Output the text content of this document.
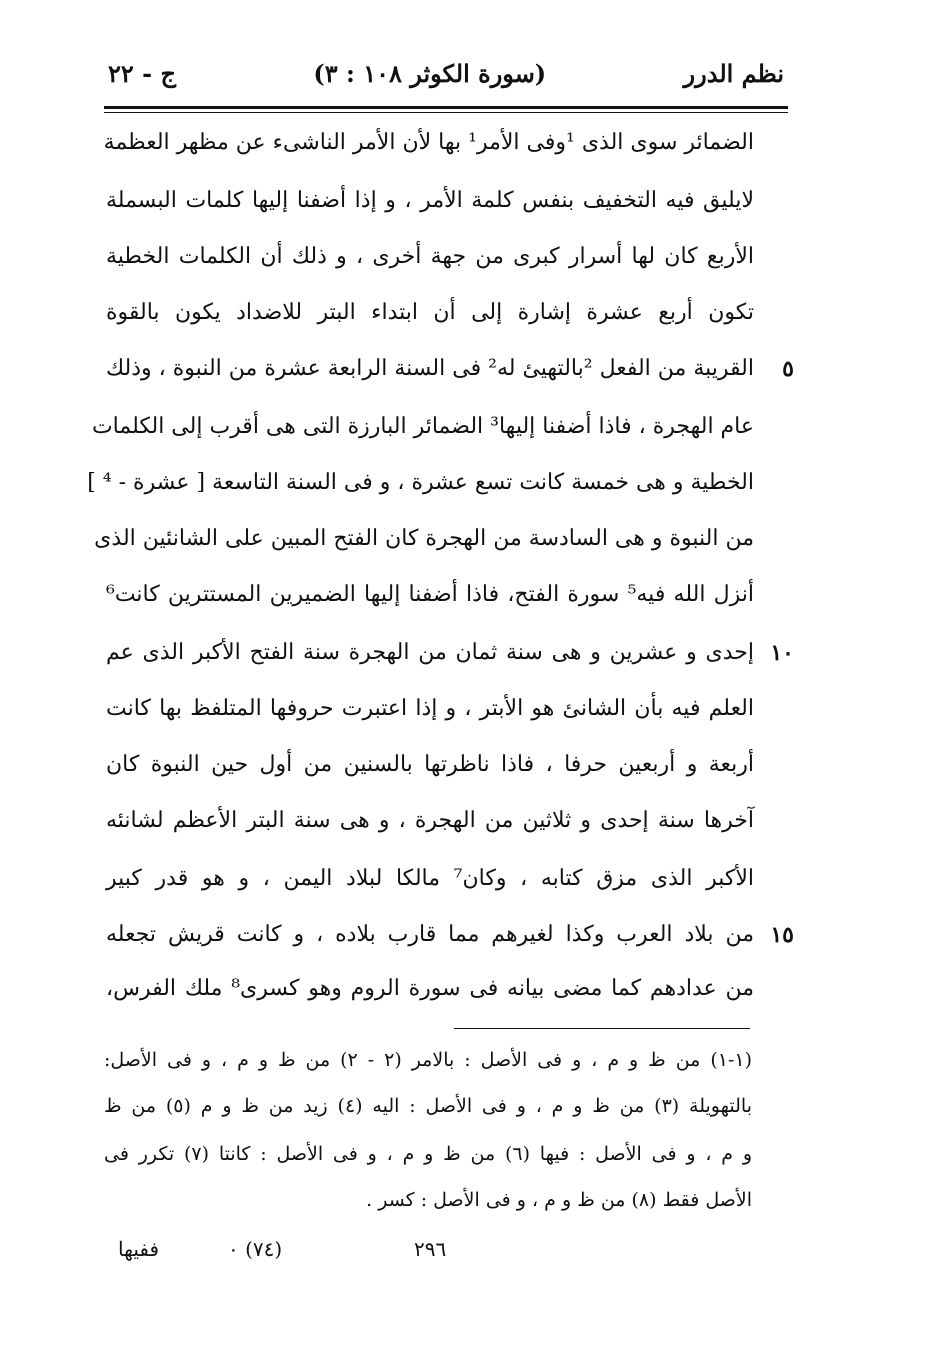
نظم الدرر
(سورة الكوثر ١٠٨ : ٣)
ج - ٢٢
الضمائر سوى الذى ¹وفى الأمر¹ بها لأن الأمر الناشىء عن مظهر العظمة
لايليق فيه التخفيف بنفس كلمة الأمر ، و إذا أضفنا إليها كلمات البسملة
الأربع كان لها أسرار كبرى من جهة أخرى ، و ذلك أن الكلمات الخطية
تكون أربع عشرة إشارة إلى أن ابتداء البتر للاضداد يكون بالقوة
٥
القريبة من الفعل ²بالتهيئ له² فى السنة الرابعة عشرة من النبوة ، وذلك
عام الهجرة ، فاذا أضفنا إليها³ الضمائر البارزة التى هى أقرب إلى الكلمات
الخطية و هى خمسة كانت تسع عشرة ، و فى السنة التاسعة [ عشرة - ⁴ ]
من النبوة و هى السادسة من الهجرة كان الفتح المبين على الشانئين الذى
أنزل الله فيه⁵ سورة الفتح، فاذا أضفنا إليها الضميرين المستترين كانت⁶
١٠
إحدى و عشرين و هى سنة ثمان من الهجرة سنة الفتح الأكبر الذى عم
العلم فيه بأن الشانئ هو الأبتر ، و إذا اعتبرت حروفها المتلفظ بها كانت
أربعة و أربعين حرفا ، فاذا ناظرتها بالسنين من أول حين النبوة كان
آخرها سنة إحدى و ثلاثين من الهجرة ، و هى سنة البتر الأعظم لشانئه
الأكبر الذى مزق كتابه ، وكان⁷ مالكا لبلاد اليمن ، و هو قدر كبير
١٥
من بلاد العرب وكذا لغيرهم مما قارب بلاده ، و كانت قريش تجعله
من عدادهم كما مضى بيانه فى سورة الروم وهو كسرى⁸ ملك الفرس،
(١-١) من ظ و م ، و فى الأصل : بالامر (٢ - ٢) من ظ و م ، و فى الأصل:
بالتهويلة (٣) من ظ و م ، و فى الأصل : اليه (٤) زيد من ظ و م (٥) من ظ
و م ، و فى الأصل : فيها (٦) من ظ و م ، و فى الأصل : كانتا (٧) تكرر فى
الأصل فقط (٨) من ظ و م ، و فى الأصل : كسر .
٢٩٦
(٧٤) ٠
ففيها
